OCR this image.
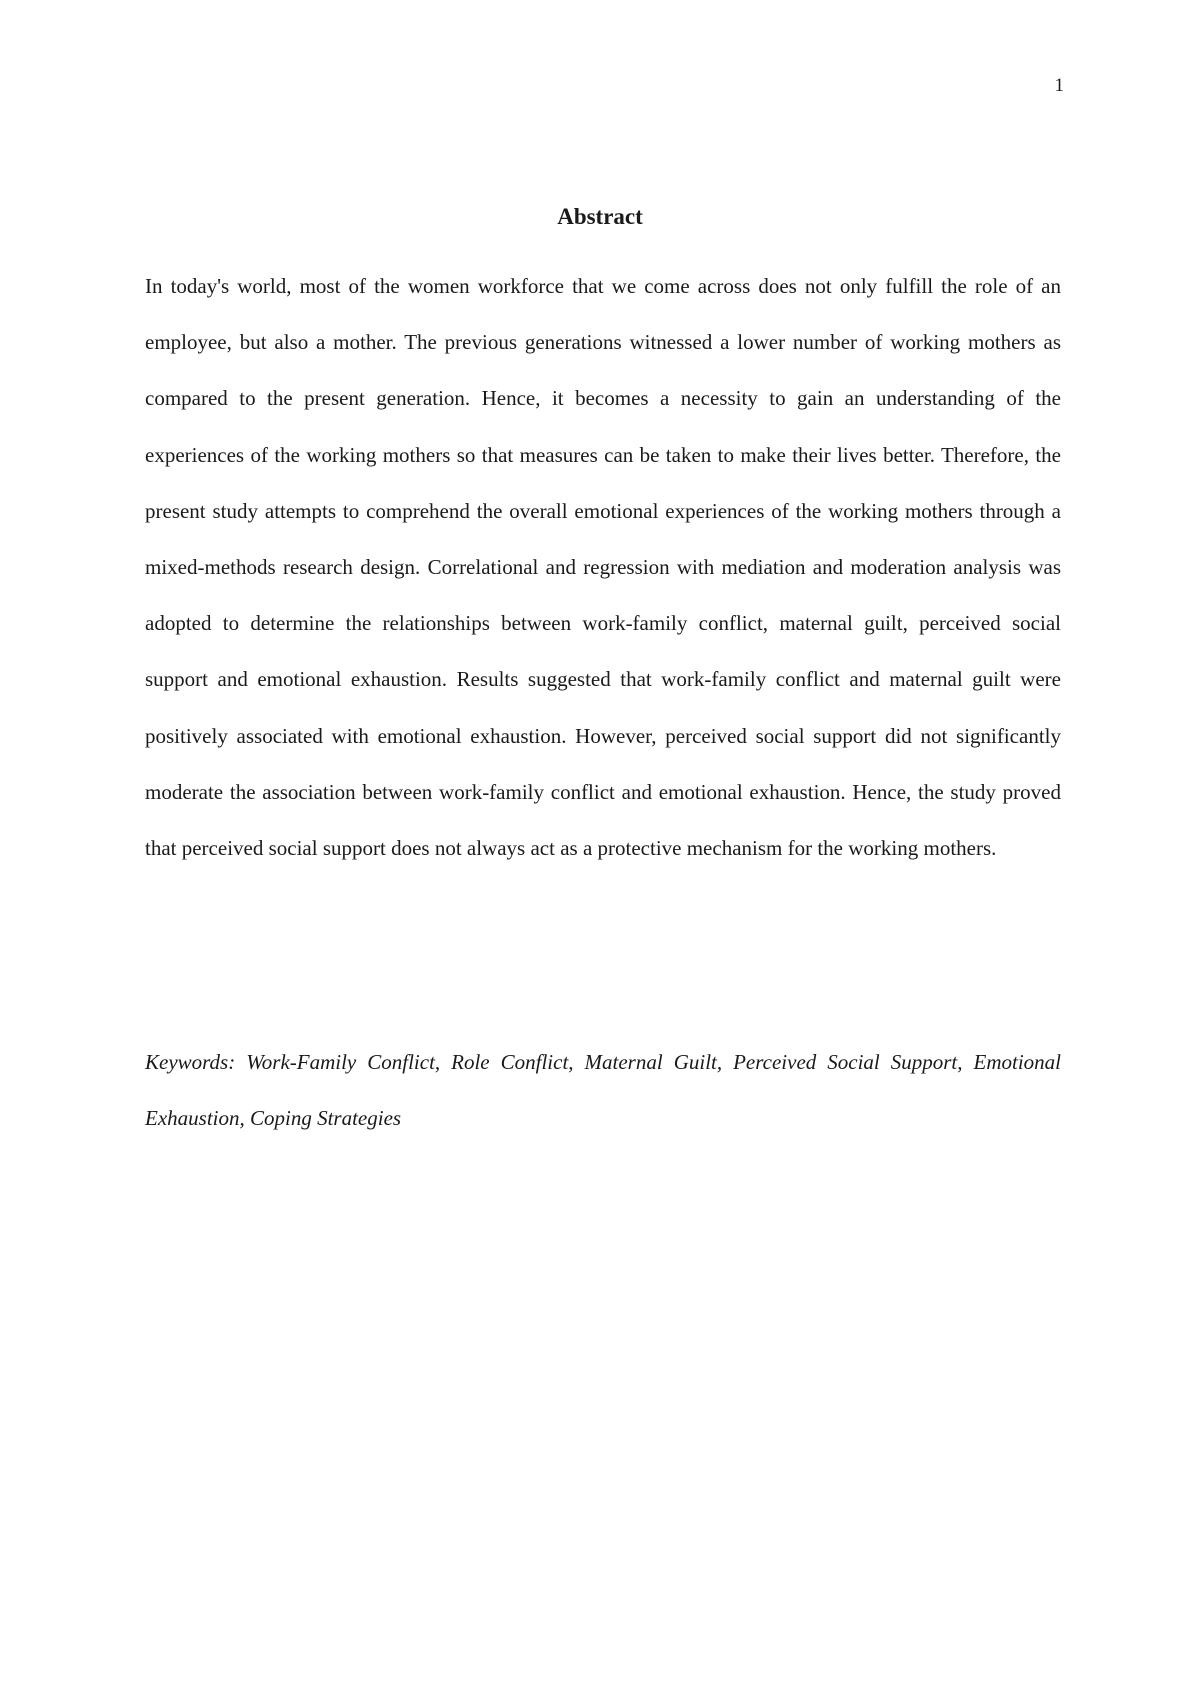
1
Abstract

In today's world, most of the women workforce that we come across does not only fulfill the role of an employee, but also a mother. The previous generations witnessed a lower number of working mothers as compared to the present generation. Hence, it becomes a necessity to gain an understanding of the experiences of the working mothers so that measures can be taken to make their lives better. Therefore, the present study attempts to comprehend the overall emotional experiences of the working mothers through a mixed-methods research design. Correlational and regression with mediation and moderation analysis was adopted to determine the relationships between work-family conflict, maternal guilt, perceived social support and emotional exhaustion. Results suggested that work-family conflict and maternal guilt were positively associated with emotional exhaustion. However, perceived social support did not significantly moderate the association between work-family conflict and emotional exhaustion. Hence, the study proved that perceived social support does not always act as a protective mechanism for the working mothers.

Keywords: Work-Family Conflict, Role Conflict, Maternal Guilt, Perceived Social Support, Emotional Exhaustion, Coping Strategies
